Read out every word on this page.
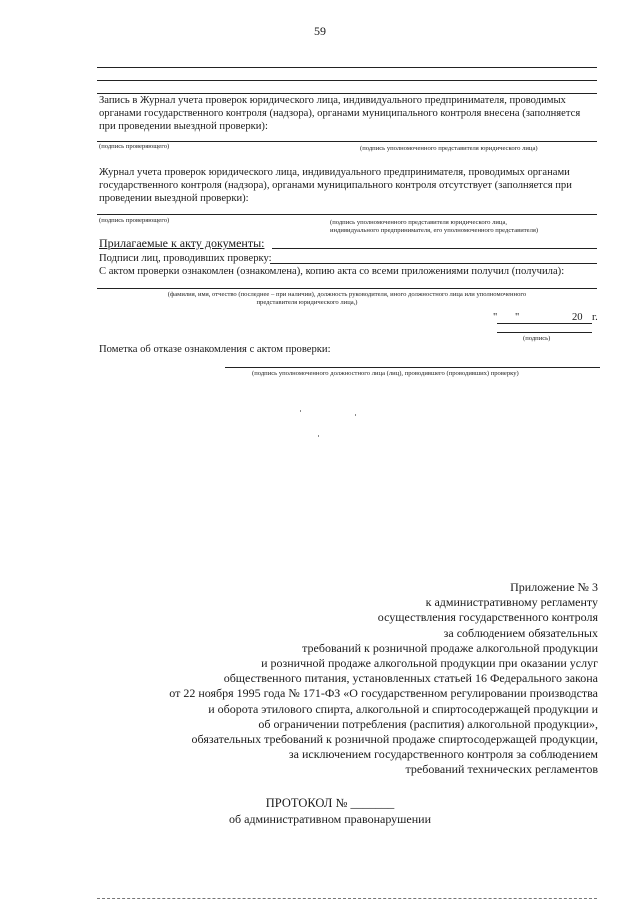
59
Запись в Журнал учета проверок юридического лица, индивидуального предпринимателя, проводимых органами государственного контроля (надзора), органами муниципального контроля внесена (заполняется при проведении выездной проверки):
(подпись проверяющего)	(подпись уполномоченного представителя юридического лица)
Журнал учета проверок юридического лица, индивидуального предпринимателя, проводимых органами государственного контроля (надзора), органами муниципального контроля отсутствует (заполняется при проведении выездной проверки):
(подпись проверяющего)	(подпись уполномоченного представителя юридического лица,
индивидуального предпринимателя, его уполномоченного представителя)
Прилагаемые к акту документы:
Подписи лиц, проводивших проверку:
С актом проверки ознакомлен (ознакомлена), копию акта со всеми приложениями получил (получила):
(фамилия, имя, отчество (последнее – при наличии), должность руководителя, иного должностного лица или уполномоченного
представителя юридического лица,)
" "	20 г.
(подпись)
Пометка об отказе ознакомления с актом проверки:
(подпись уполномоченного должностного лица (лиц), проводившего (проводивших) проверку)
Приложение № 3
к административному регламенту
осуществления государственного контроля
за соблюдением обязательных
требований к розничной продаже алкогольной продукции
и розничной продаже алкогольной продукции при оказании услуг
общественного питания, установленных статьей 16 Федерального закона
от 22 ноября 1995 года № 171-ФЗ «О государственном регулировании производства
и оборота этилового спирта, алкогольной и спиртосодержащей продукции и
об ограничении потребления (распития) алкогольной продукции»,
обязательных требований к розничной продаже спиртосодержащей продукции,
за исключением государственного контроля за соблюдением
требований технических регламентов
ПРОТОКОЛ № _______
об административном правонарушении
